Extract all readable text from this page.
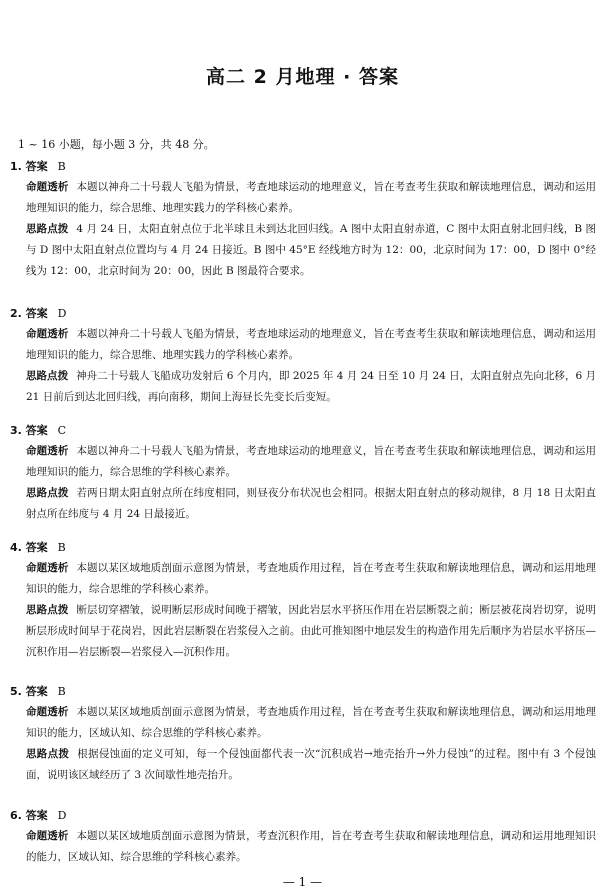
高二 2 月地理 · 答案
1 ~ 16 小题，每小题 3 分，共 48 分。
1. 答案 B
命题透析 本题以神舟二十号载人飞船为情景，考查地球运动的地理意义，旨在考查考生获取和解读地理信息，调动和运用地理知识的能力，综合思维、地理实践力的学科核心素养。
思路点拨 4 月 24 日，太阳直射点位于北半球且未到达北回归线。A 图中太阳直射赤道，C 图中太阳直射北回归线，B 图与 D 图中太阳直射点位置均与 4 月 24 日接近。B 图中 45°E 经线地方时为 12：00，北京时间为 17：00，D 图中 0°经线为 12：00，北京时间为 20：00，因此 B 图最符合要求。
2. 答案 D
命题透析 本题以神舟二十号载人飞船为情景，考查地球运动的地理意义，旨在考查考生获取和解读地理信息，调动和运用地理知识的能力，综合思维、地理实践力的学科核心素养。
思路点拨 神舟二十号载人飞船成功发射后 6 个月内，即 2025 年 4 月 24 日至 10 月 24 日，太阳直射点先向北移，6 月 21 日前后到达北回归线，再向南移，期间上海昼长先变长后变短。
3. 答案 C
命题透析 本题以神舟二十号载人飞船为情景，考查地球运动的地理意义，旨在考查考生获取和解读地理信息，调动和运用地理知识的能力，综合思维的学科核心素养。
思路点拨 若两日期太阳直射点所在纬度相同，则昼夜分布状况也会相同。根据太阳直射点的移动规律，8 月 18 日太阳直射点所在纬度与 4 月 24 日最接近。
4. 答案 B
命题透析 本题以某区域地质剖面示意图为情景，考查地质作用过程，旨在考查考生获取和解读地理信息，调动和运用地理知识的能力，综合思维的学科核心素养。
思路点拨 断层切穿褶皱，说明断层形成时间晚于褶皱，因此岩层水平挤压作用在岩层断裂之前；断层被花岗岩切穿，说明断层形成时间早于花岗岩，因此岩层断裂在岩浆侵入之前。由此可推知图中地层发生的构造作用先后顺序为岩层水平挤压—沉积作用—岩层断裂—岩浆侵入—沉积作用。
5. 答案 B
命题透析 本题以某区域地质剖面示意图为情景，考查地质作用过程，旨在考查考生获取和解读地理信息，调动和运用地理知识的能力，区域认知、综合思维的学科核心素养。
思路点拨 根据侵蚀面的定义可知，每一个侵蚀面都代表一次“沉积成岩→地壳抬升→外力侵蚀”的过程。图中有 3 个侵蚀面，说明该区域经历了 3 次间歇性地壳抬升。
6. 答案 D
命题透析 本题以某区域地质剖面示意图为情景，考查沉积作用，旨在考查考生获取和解读地理信息，调动和运用地理知识的能力，区域认知、综合思维的学科核心素养。
— 1 —
